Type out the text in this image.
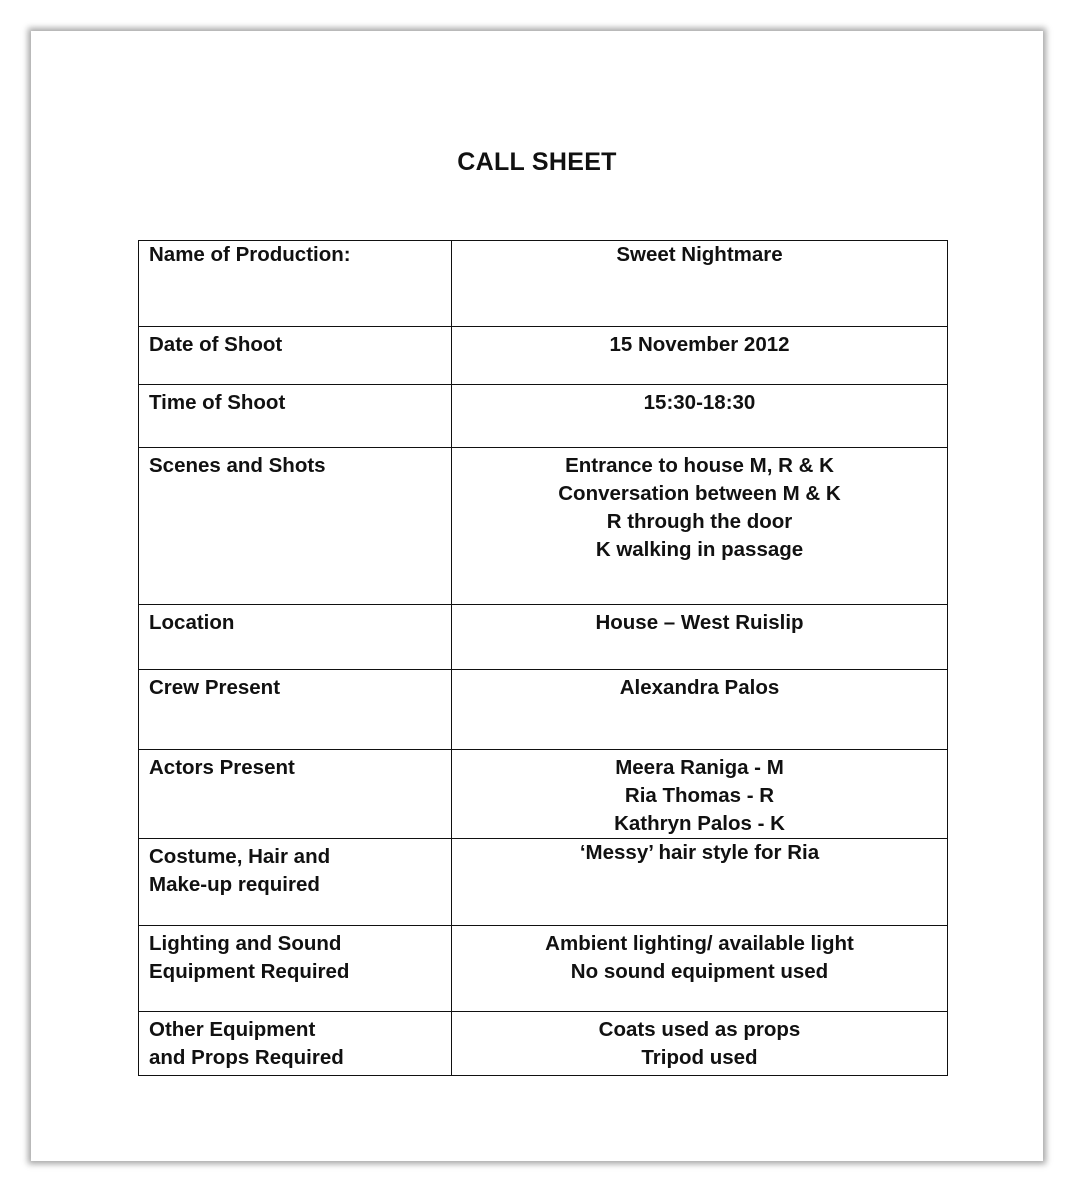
CALL SHEET
Name of Production:	Sweet Nightmare

Date of Shoot	15 November 2012

Time of Shoot	15:30-18:30

Scenes and Shots	Entrance to house M, R & K
Conversation between M & K
R through the door
K walking in passage

Location	House – West Ruislip

Crew Present	Alexandra Palos

Actors Present	Meera Raniga - M
Ria Thomas - R
Kathryn Palos - K

Costume, Hair and
Make-up required	‘Messy’ hair style for Ria

Lighting and Sound
Equipment Required	Ambient lighting/ available light
No sound equipment used

Other Equipment
and Props Required	Coats used as props
Tripod used
